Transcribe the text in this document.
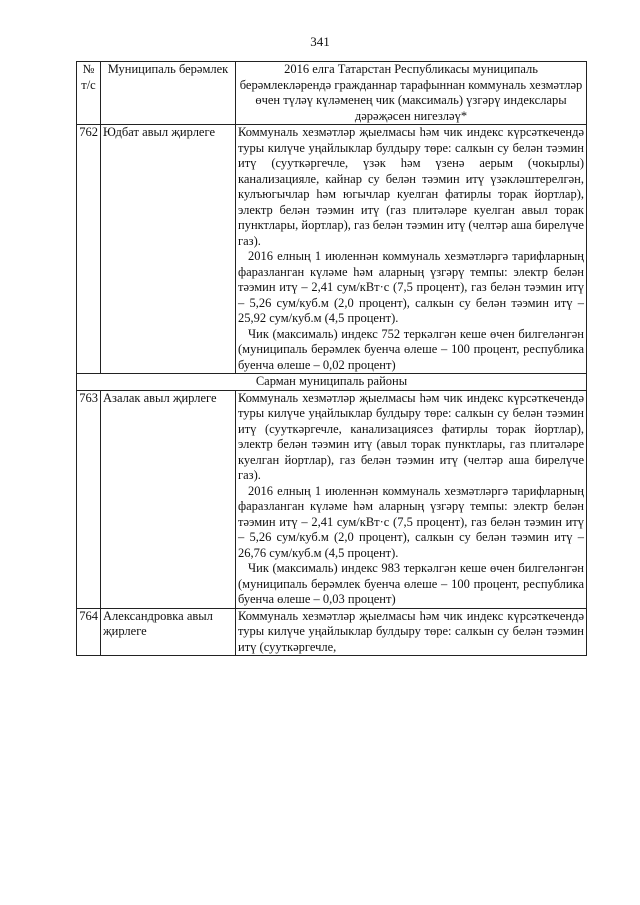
341
№ т/с	Муниципаль берәмлек	2016 елга Татарстан Республикасы муниципаль берәмлекләрендә гражданнар тарафыннан коммуналь хезмәтләр өчен түләү күләменең чик (максималь) үзгәрү индекслары дәрәҗәсен нигезләү*
762	Юдбат авыл җирлеге	Коммуналь хезмәтләр җыелмасы һәм чик индекс күрсәткечендә туры килүче уңайлыклар булдыру төре: салкын су белән тәэмин итү (сууткәргечле, үзәк һәм үзенә аерым (чокырлы) канализацияле, кайнар су белән тәэмин итү үзәкләштерелгән, кулъюгычлар һәм югычлар куелган фатирлы торак йортлар), электр белән тәэмин итү (газ плитәләре куелган авыл торак пунктлары, йортлар), газ белән тәэмин итү (челтәр аша бирелүче газ).

2016 елның 1 июленнән коммуналь хезмәтләргә тарифларның фаразланган күләме һәм аларның үзгәрү темпы: электр белән тәэмин итү – 2,41 сум/кВт·с (7,5 процент), газ белән тәэмин итү – 5,26 сум/куб.м (2,0 процент), салкын су белән тәэмин итү – 25,92 сум/куб.м (4,5 процент).

Чик (максималь) индекс 752 теркәлгән кеше өчен билгеләнгән (муниципаль берәмлек буенча өлеше – 100 процент, республика буенча өлеше – 0,02 процент)

Сарман муниципаль районы		
763	Азалак авыл җирлеге	Коммуналь хезмәтләр җыелмасы һәм чик индекс күрсәткечендә туры килүче уңайлыклар булдыру төре: салкын су белән тәэмин итү (сууткәргечле, канализациясез фатирлы торак йортлар), электр белән тәэмин итү (авыл торак пунктлары, газ плитәләре куелган йортлар), газ белән тәэмин итү (челтәр аша бирелүче газ).

2016 елның 1 июленнән коммуналь хезмәтләргә тарифларның фаразланган күләме һәм аларның үзгәрү темпы: электр белән тәэмин итү – 2,41 сум/кВт·с (7,5 процент), газ белән тәэмин итү – 5,26 сум/куб.м (2,0 процент), салкын су белән тәэмин итү – 26,76 сум/куб.м (4,5 процент).

Чик (максималь) индекс 983 теркәлгән кеше өчен билгеләнгән (муниципаль берәмлек буенча өлеше – 100 процент, республика буенча өлеше – 0,03 процент)

764	Александровка авыл җирлеге	Коммуналь хезмәтләр җыелмасы һәм чик индекс күрсәткечендә туры килүче уңайлыклар булдыру төре: салкын су белән тәэмин итү (сууткәргечле,
